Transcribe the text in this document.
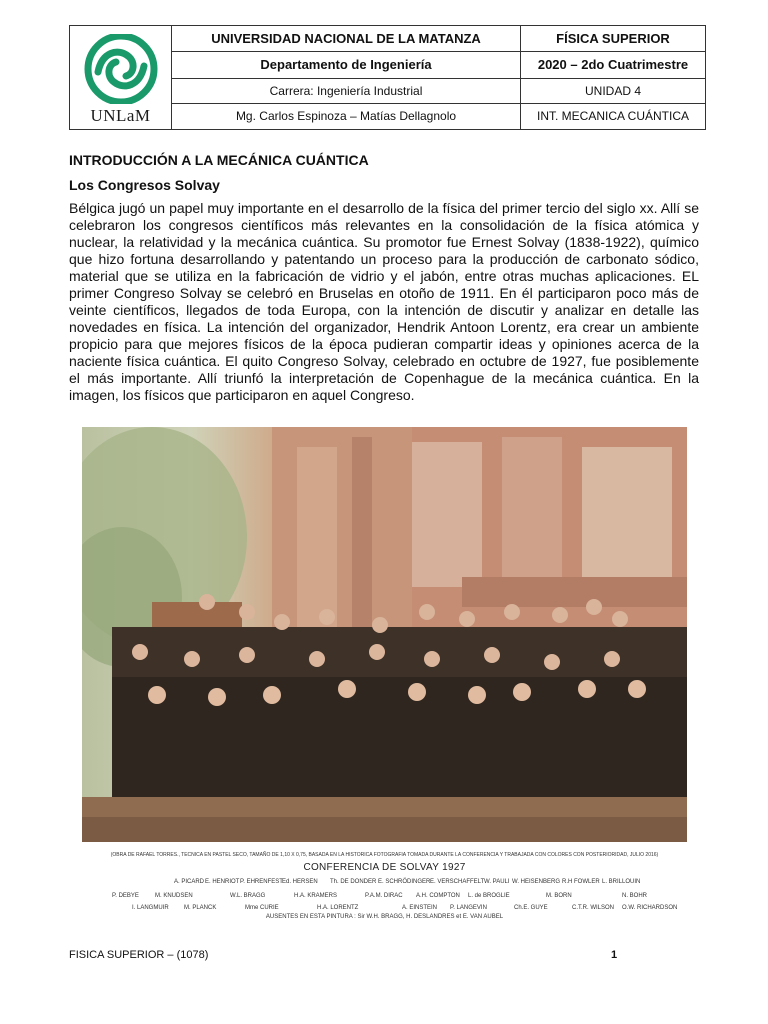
UNLaM	UNIVERSIDAD NACIONAL DE LA MATANZA	FÍSICA SUPERIOR
	Departamento de Ingeniería	2020 – 2do Cuatrimestre
	Carrera: Ingeniería Industrial	UNIDAD 4
	Mg. Carlos Espinoza – Matías Dellagnolo	INT. MECANICA CUÁNTICA
INTRODUCCIÓN A LA MECÁNICA CUÁNTICA
Los Congresos Solvay

Bélgica jugó un papel muy importante en el desarrollo de la física del primer tercio del siglo xx. Allí se celebraron los congresos científicos más relevantes en la consolidación de la física atómica y nuclear, la relatividad y la mecánica cuántica. Su promotor fue Ernest Solvay (1838-1922), químico que hizo fortuna desarrollando y patentando un proceso para la producción de carbonato sódico, material que se utiliza en la fabricación de vidrio y el jabón, entre otras muchas aplicaciones. EL primer Congreso Solvay se celebró en Bruselas en otoño de 1911. En él participaron poco más de veinte científicos, llegados de toda Europa, con la intención de discutir y analizar en detalle las novedades en física. La intención del organizador, Hendrik Antoon Lorentz, era crear un ambiente propicio para que mejores físicos de la época pudieran compartir ideas y opiniones acerca de la naciente física cuántica. El quito Congreso Solvay, celebrado en octubre de 1927, fue posiblemente el más importante. Allí triunfó la interpretación de Copenhague de la mecánica cuántica. En la imagen, los físicos que participaron en aquel Congreso.

(OBRA DE RAFAEL TORRES., TECNICA EN PASTEL SECO, TAMAÑO DE 1,10 X 0,75, BASADA EN LA HISTORICA FOTOGRAFIA TOMADA DURANTE LA CONFERENCIA Y TRABAJADA CON COLORES CON POSTERIORIDAD, JULIO 2016)
CONFERENCIA DE SOLVAY 1927
A. PICARD E. HENRIOT P. EHRENFEST Ed. HERSEN Th. DE DONDER E. SCHRÖDINGER E. VERSCHAFFELT W. PAULI W. HEISENBERG R.H FOWLER L. BRILLOUIN
P. DEBYE	M. KNUDSEN	W.L. BRAGG	H.A. KRAMERS	P.A.M. DIRAC A.H. COMPTON L. de BROGLIE	M. BORN	N. BOHR
I. LANGMUIR	M. PLANCK	Mme CURIE	H.A. LORENTZ	A. EINSTEIN P. LANGEVIN	Ch.E. GUYE	C.T.R. WILSON O.W. RICHARDSON
AUSENTES EN ESTA PINTURA : Sir W.H. BRAGG, H. DESLANDRES et E. VAN AUBEL
FISICA SUPERIOR – (1078)	1
